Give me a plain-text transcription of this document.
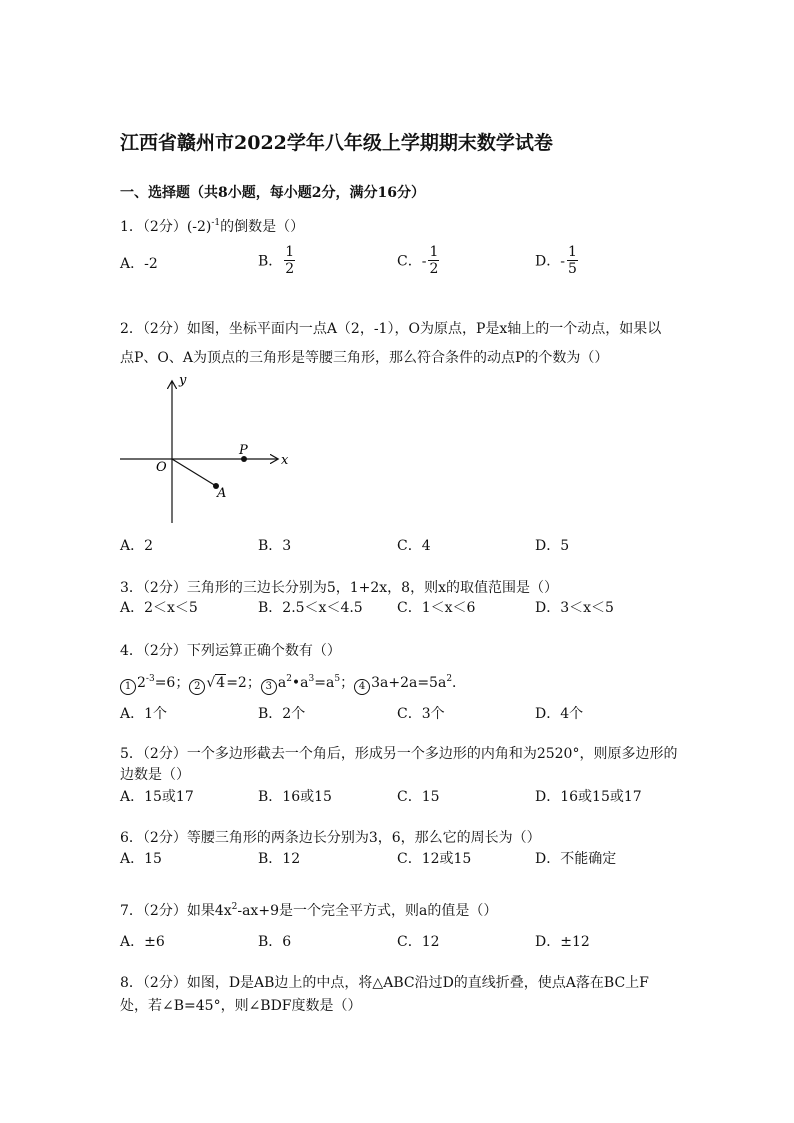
江西省赣州市2022学年八年级上学期期末数学试卷
一、选择题（共8小题，每小题2分，满分16分）
1．（2分）$(-2)^{-1}$的倒数是（）
A．-2	B． $\frac{1}{2}$	C．- $\frac{1}{2}$	D．- $\frac{1}{5}$
2．（2分）如图，坐标平面内一点A（2，-1），O为原点，P是x轴上的一个动点，如果以
点P、O、A为顶点的三角形是等腰三角形，那么符合条件的动点P的个数为（）
y
x
O
P
A
A．2	B．3	C．4	D．5
3．（2分）三角形的三边长分别为5，1+2x，8，则x的取值范围是（）
A．2＜x＜5	B．2.5＜x＜4.5 C．1＜x＜6	D．3＜x＜5
4．（2分）下列运算正确个数有（）
1 $2^{-3}=6$； 2 √4=2； 3 $a^2•a^3=a^5$； 4 $3a+2a=5a^2$．
A．1个	B．2个	C．3个	D．4个
5．（2分）一个多边形截去一个角后，形成另一个多边形的内角和为2520°，则原多边形的
边数是（）
A．15或17	B．16或15	C．15	D．16或15或17
6．（2分）等腰三角形的两条边长分别为3，6，那么它的周长为（）
A．15	B．12	C．12或15	D．不能确定
7．（2分）如果$4x^2-ax+9$是一个完全平方式，则a的值是（）
A．±6	B．6	C．12	D．±12
8．（2分）如图，D是AB边上的中点，将△ABC沿过D的直线折叠，使点A落在BC上F
处，若∠B=45°，则∠BDF度数是（）
